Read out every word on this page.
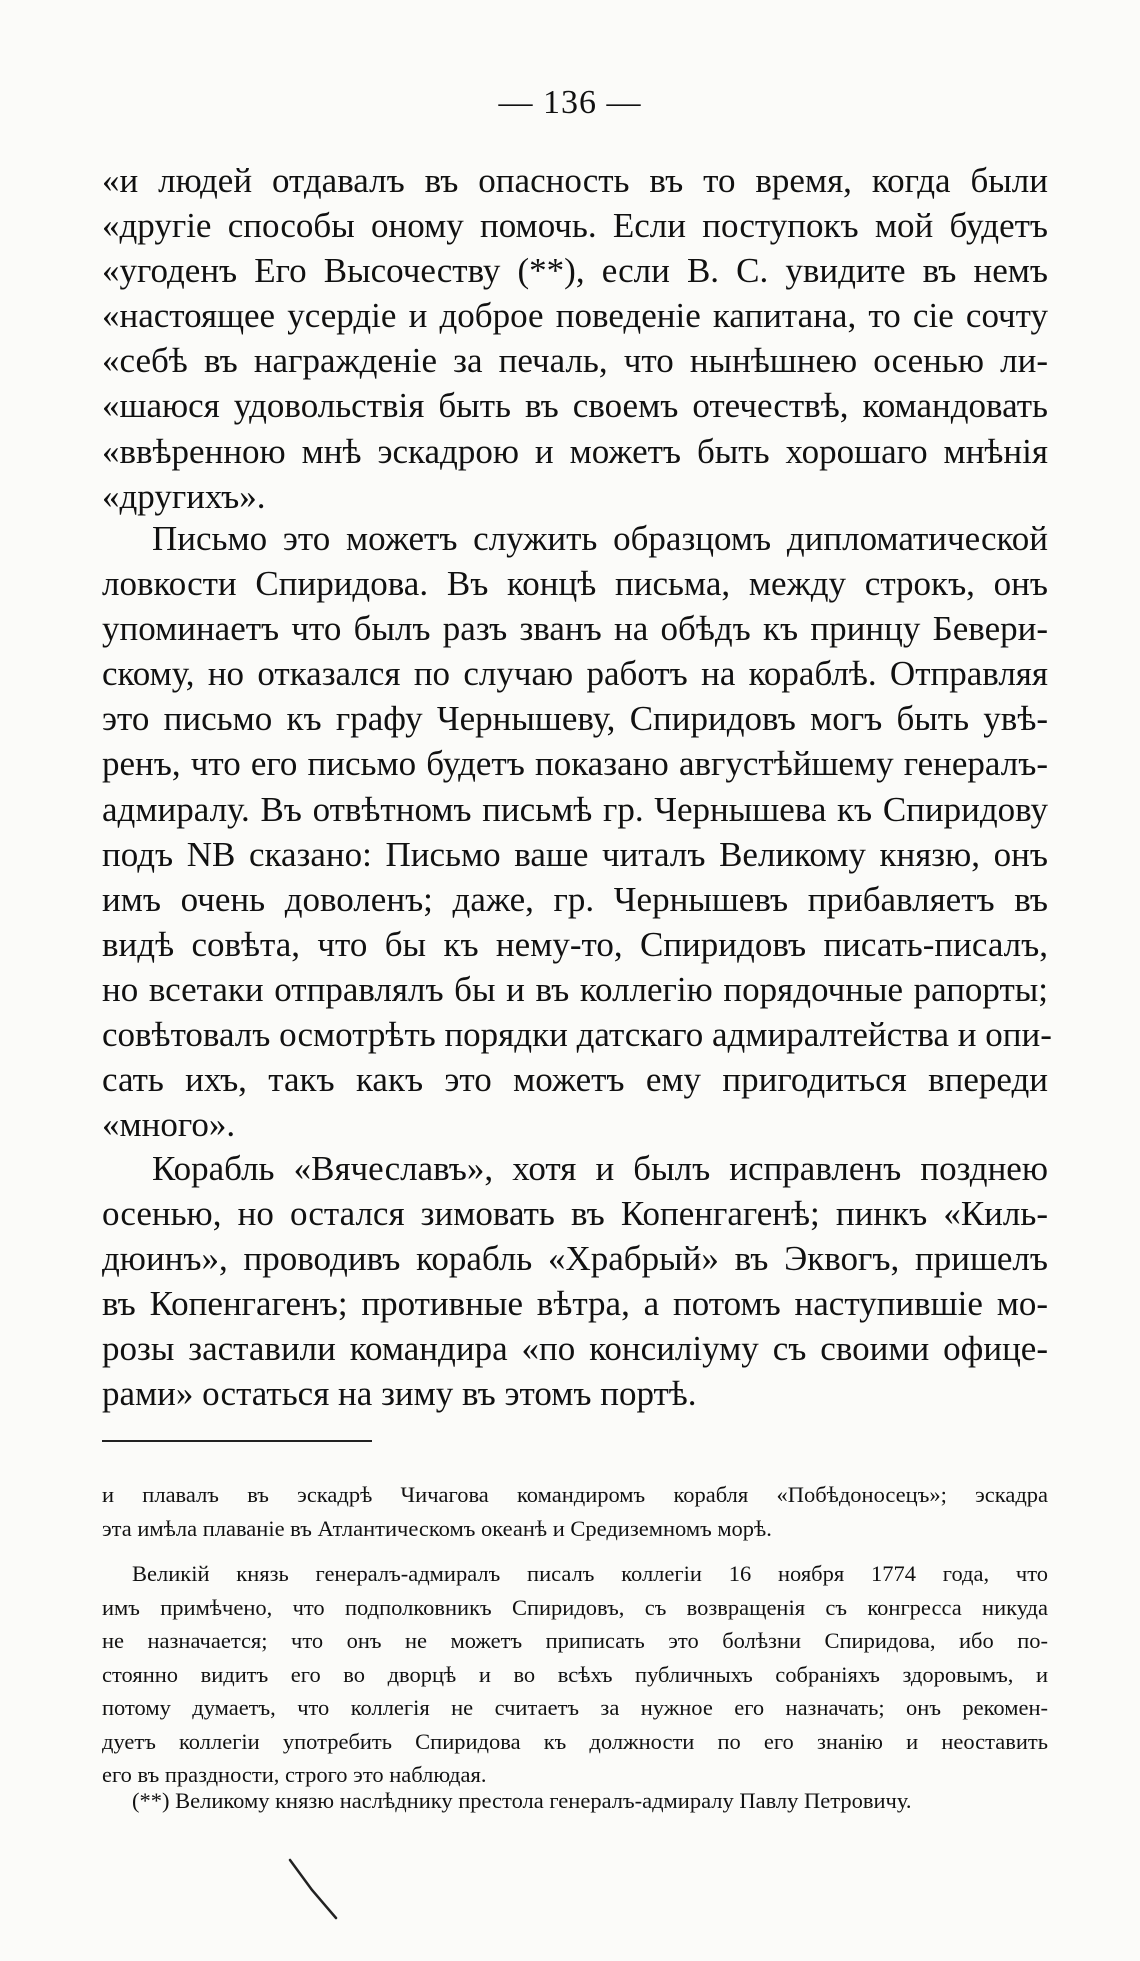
— 136 —
«и людей отдавалъ въ опасность въ то время, когда были
«другіе способы оному помочь. Если поступокъ мой будетъ
«угоденъ Его Высочеству (**), если В. С. увидите въ немъ
«настоящее усердіе и доброе поведеніе капитана, то сіе сочту
«себѣ въ награжденіе за печаль, что нынѣшнею осенью ли-
«шаюся удовольствія быть въ своемъ отечествѣ, командовать
«ввѣренною мнѣ эскадрою и можетъ быть хорошаго мнѣнія
«другихъ».
Письмо это можетъ служить образцомъ дипломатической
ловкости Спиридова. Въ концѣ письма, между строкъ, онъ
упоминаетъ что былъ разъ званъ на обѣдъ къ принцу Бевери-
скому, но отказался по случаю работъ на кораблѣ. Отправляя
это письмо къ графу Чернышеву, Спиридовъ могъ быть увѣ-
ренъ, что его письмо будетъ показано августѣйшему генералъ-
адмиралу. Въ отвѣтномъ письмѣ гр. Чернышева къ Спиридову
подъ NB сказано: Письмо ваше читалъ Великому князю, онъ
имъ очень доволенъ; даже, гр. Чернышевъ прибавляетъ въ
видѣ совѣта, что бы къ нему-то, Спиридовъ писать-писалъ,
но всетаки отправлялъ бы и въ коллегію порядочные рапорты;
совѣтовалъ осмотрѣть порядки датскаго адмиралтейства и опи-
сать ихъ, такъ какъ это можетъ ему пригодиться впереди
«много».
Корабль «Вячеславъ», хотя и былъ исправленъ позднею
осенью, но остался зимовать въ Копенгагенѣ; пинкъ «Киль-
дюинъ», проводивъ корабль «Храбрый» въ Эквогъ, пришелъ
въ Копенгагенъ; противные вѣтра, а потомъ наступившіе мо-
розы заставили командира «по консиліуму съ своими офице-
рами» остаться на зиму въ этомъ портѣ.
и плавалъ въ эскадрѣ Чичагова командиромъ корабля «Побѣдоносецъ»; эскадра
эта имѣла плаваніе въ Атлантическомъ океанѣ и Средиземномъ морѣ.
Великій князь генералъ-адмиралъ писалъ коллегіи 16 ноября 1774 года, что
имъ примѣчено, что подполковникъ Спиридовъ, съ возвращенія съ конгресса никуда
не назначается; что онъ не можетъ приписать это болѣзни Спиридова, ибо по-
стоянно видитъ его во дворцѣ и во всѣхъ публичныхъ собраніяхъ здоровымъ, и
потому думаетъ, что коллегія не считаетъ за нужное его назначать; онъ рекомен-
дуетъ коллегіи употребить Спиридова къ должности по его знанію и неоставить
его въ праздности, строго это наблюдая.
(**) Великому князю наслѣднику престола генералъ-адмиралу Павлу Петровичу.
